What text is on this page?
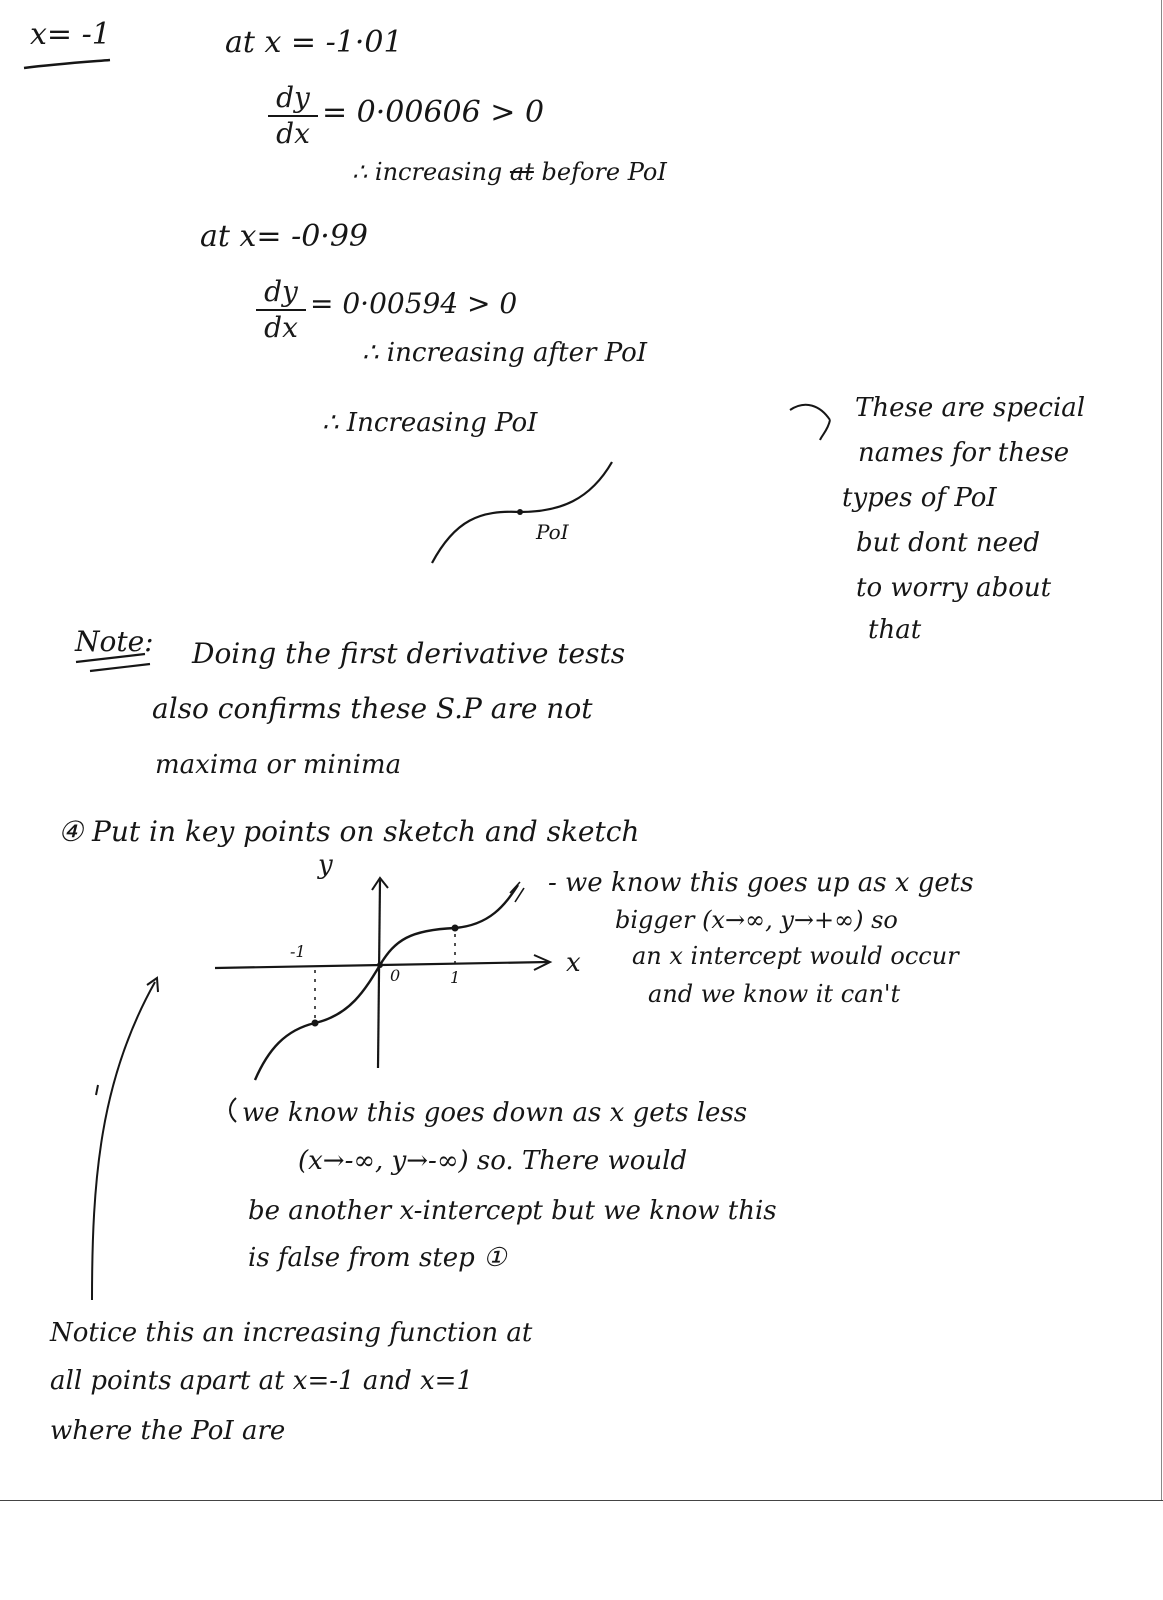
x= -1	at x = -1·01
dy
dx
= 0·00606 > 0
∴ increasing at before PoI
at x= -0·99
dy
dx
= 0·00594 > 0
∴ increasing after PoI
∴ Increasing PoI
PoI
These are special
names for these
types of PoI
but dont need
to worry about
that
Note: Doing the first derivative tests
also confirms these S.P are not
maxima or minima
④ Put in key points on sketch and sketch
y
x
-1
0	1
- we know this goes up as x gets
bigger (x→∞, y→+∞) so
an x intercept would occur
and we know it can't
we know this goes down as x gets less
(x→-∞, y→-∞) so. There would
be another x-intercept but we know this
is false from step ①
Notice this an increasing function at
all points apart at x=-1 and x=1
where the PoI are
